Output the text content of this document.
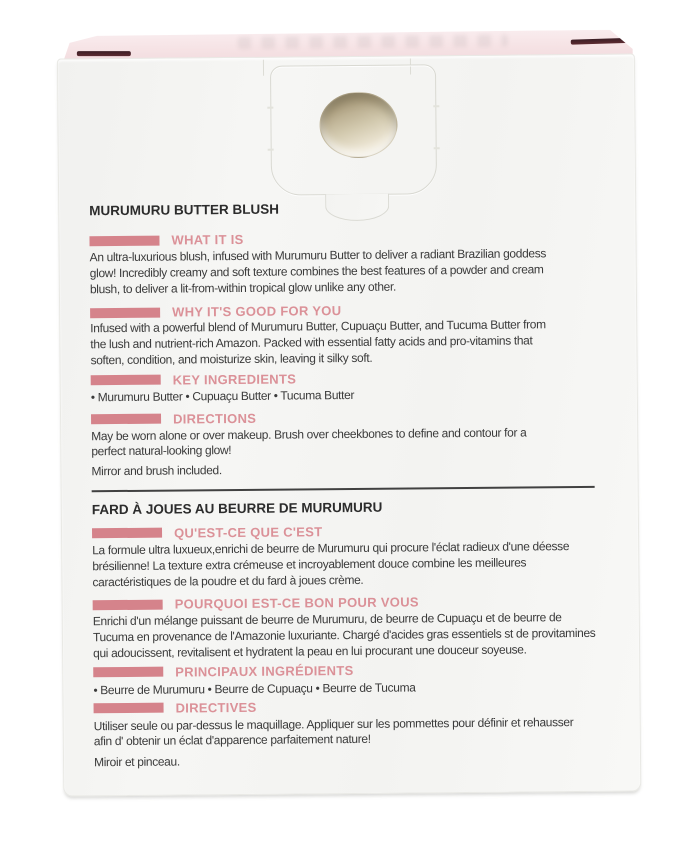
MURUMURU BUTTER BLUSH
WHAT IT IS

An ultra-luxurious blush, infused with Murumuru Butter to deliver a radiant Brazilian goddess
glow! Incredibly creamy and soft texture combines the best features of a powder and cream
blush, to deliver a lit-from-within tropical glow unlike any other.

WHY IT'S GOOD FOR YOU

Infused with a powerful blend of Murumuru Butter, Cupuaçu Butter, and Tucuma Butter from
the lush and nutrient-rich Amazon. Packed with essential fatty acids and pro-vitamins that
soften, condition, and moisturize skin, leaving it silky soft.

KEY INGREDIENTS

• Murumuru Butter • Cupuaçu Butter • Tucuma Butter

DIRECTIONS

May be worn alone or over makeup. Brush over cheekbones to define and contour for a
perfect natural-looking glow!

Mirror and brush included.

FARD À JOUES AU BEURRE DE MURUMURU
QU'EST-CE QUE C'EST

La formule ultra luxueux,enrichi de beurre de Murumuru qui procure l'éclat radieux d'une déesse
brésilienne! La texture extra crémeuse et incroyablement douce combine les meilleures
caractéristiques de la poudre et du fard à joues crème.

POURQUOI EST-CE BON POUR VOUS

Enrichi d'un mélange puissant de beurre de Murumuru, de beurre de Cupuaçu et de beurre de
Tucuma en provenance de l'Amazonie luxuriante. Chargé d'acides gras essentiels st de provitamines
qui adoucissent, revitalisent et hydratent la peau en lui procurant une douceur soyeuse.

PRINCIPAUX INGRÉDIENTS

• Beurre de Murumuru • Beurre de Cupuaçu • Beurre de Tucuma

DIRECTIVES

Utiliser seule ou par-dessus le maquillage. Appliquer sur les pommettes pour définir et rehausser
afin d' obtenir un éclat d'apparence parfaitement nature!

Miroir et pinceau.
